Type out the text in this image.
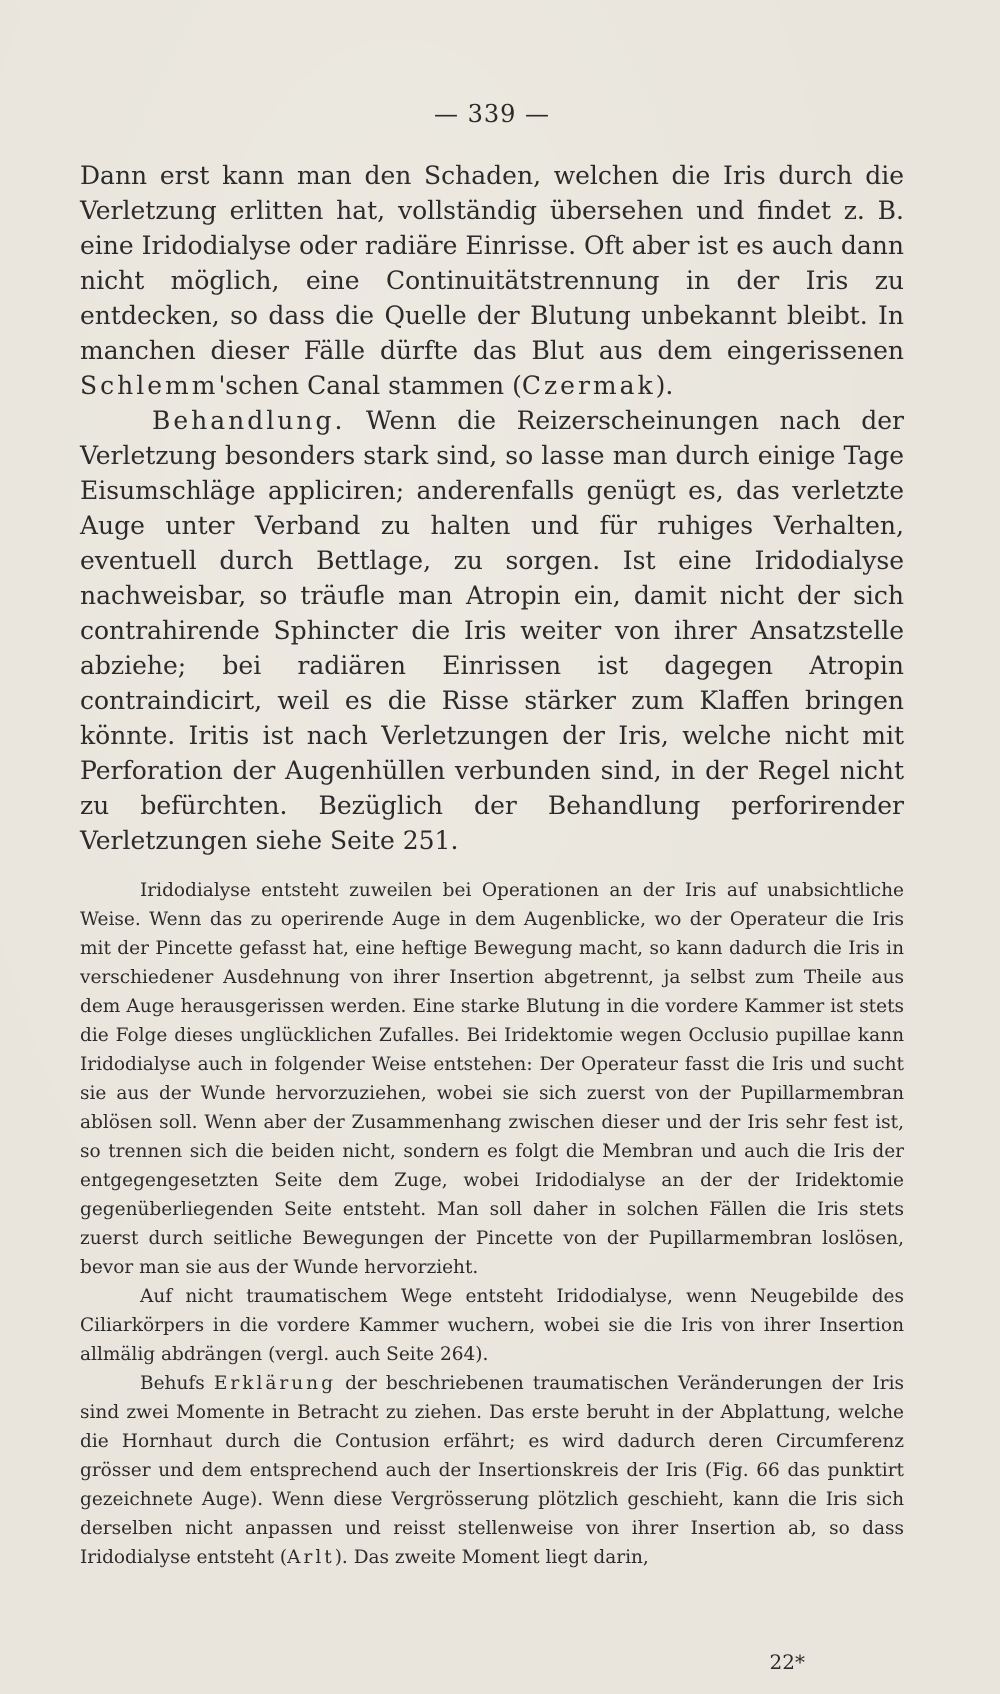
— 339 —

Dann erst kann man den Schaden, welchen die Iris durch die Verletzung erlitten hat, vollständig übersehen und findet z. B. eine Iridodialyse oder radiäre Einrisse. Oft aber ist es auch dann nicht möglich, eine Continuitätstrennung in der Iris zu entdecken, so dass die Quelle der Blutung unbekannt bleibt. In manchen dieser Fälle dürfte das Blut aus dem eingerissenen Schlemm'schen Canal stammen (Czermak).

Behandlung. Wenn die Reizerscheinungen nach der Verletzung besonders stark sind, so lasse man durch einige Tage Eisumschläge appliciren; anderenfalls genügt es, das verletzte Auge unter Verband zu halten und für ruhiges Verhalten, eventuell durch Bettlage, zu sorgen. Ist eine Iridodialyse nachweisbar, so träufle man Atropin ein, damit nicht der sich contrahirende Sphincter die Iris weiter von ihrer Ansatzstelle abziehe; bei radiären Einrissen ist dagegen Atropin contraindicirt, weil es die Risse stärker zum Klaffen bringen könnte. Iritis ist nach Verletzungen der Iris, welche nicht mit Perforation der Augenhüllen verbunden sind, in der Regel nicht zu befürchten. Bezüglich der Behandlung perforirender Verletzungen siehe Seite 251.

Iridodialyse entsteht zuweilen bei Operationen an der Iris auf unabsichtliche Weise. Wenn das zu operirende Auge in dem Augenblicke, wo der Operateur die Iris mit der Pincette gefasst hat, eine heftige Bewegung macht, so kann dadurch die Iris in verschiedener Ausdehnung von ihrer Insertion abgetrennt, ja selbst zum Theile aus dem Auge herausgerissen werden. Eine starke Blutung in die vordere Kammer ist stets die Folge dieses unglücklichen Zufalles. Bei Iridektomie wegen Occlusio pupillae kann Iridodialyse auch in folgender Weise entstehen: Der Operateur fasst die Iris und sucht sie aus der Wunde hervorzuziehen, wobei sie sich zuerst von der Pupillarmembran ablösen soll. Wenn aber der Zusammenhang zwischen dieser und der Iris sehr fest ist, so trennen sich die beiden nicht, sondern es folgt die Membran und auch die Iris der entgegengesetzten Seite dem Zuge, wobei Iridodialyse an der der Iridektomie gegenüberliegenden Seite entsteht. Man soll daher in solchen Fällen die Iris stets zuerst durch seitliche Bewegungen der Pincette von der Pupillarmembran loslösen, bevor man sie aus der Wunde hervorzieht.

Auf nicht traumatischem Wege entsteht Iridodialyse, wenn Neugebilde des Ciliarkörpers in die vordere Kammer wuchern, wobei sie die Iris von ihrer Insertion allmälig abdrängen (vergl. auch Seite 264).

Behufs Erklärung der beschriebenen traumatischen Veränderungen der Iris sind zwei Momente in Betracht zu ziehen. Das erste beruht in der Abplattung, welche die Hornhaut durch die Contusion erfährt; es wird dadurch deren Circumferenz grösser und dem entsprechend auch der Insertionskreis der Iris (Fig. 66 das punktirt gezeichnete Auge). Wenn diese Vergrösserung plötzlich geschieht, kann die Iris sich derselben nicht anpassen und reisst stellenweise von ihrer Insertion ab, so dass Iridodialyse entsteht (Arlt). Das zweite Moment liegt darin,

22*
